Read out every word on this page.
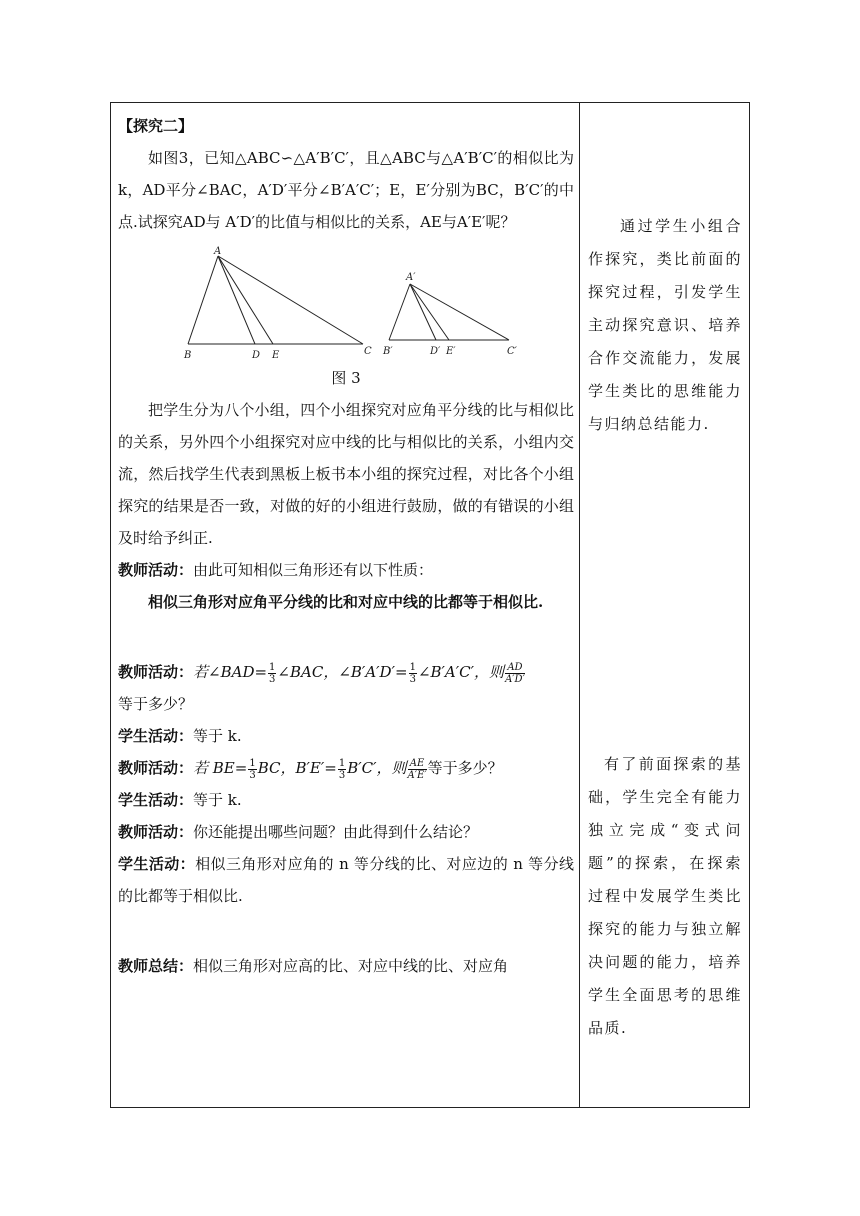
【探究二】

如图3，已知△ABC∽△A′B′C′，且△ABC与△A′B′C′的相似比为k，AD平分∠BAC，A′D′平分∠B′A′C′；E，E′分别为BC，B′C′的中点.试探究AD与 A′D′的比值与相似比的关系，AE与A′E′呢？

A
B	D E	C
A′
B′	D′ E′	C′

图 3

把学生分为八个小组，四个小组探究对应角平分线的比与相似比的关系，另外四个小组探究对应中线的比与相似比的关系，小组内交流，然后找学生代表到黑板上板书本小组的探究过程，对比各个小组探究的结果是否一致，对做的好的小组进行鼓励，做的有错误的小组及时给予纠正.

教师活动：由此可知相似三角形还有以下性质：

相似三角形对应角平分线的比和对应中线的比都等于相似比.

教师活动：若∠BAD= $\frac{1}{3}$ ∠BAC，∠B′A′D′= $\frac{1}{3}$ ∠B′A′C′，则 $\frac{AD}{A'D'}$

等于多少？

学生活动：等于 k.

教师活动：若 $BE= \frac{1}{3}$ BC，$B'E'= \frac{1}{3} B'C'$，则 $\frac{AE}{A'E'}$ 等于多少？

学生活动：等于 k.

教师活动：你还能提出哪些问题？由此得到什么结论？

学生活动：相似三角形对应角的 n 等分线的比、对应边的 n 等分线的比都等于相似比.

教师总结：相似三角形对应高的比、对应中线的比、对应角

通过学生小组合作探究，类比前面的探究过程，引发学生主动探究意识、培养合作交流能力，发展学生类比的思维能力与归纳总结能力.

有了前面探索的基础，学生完全有能力独立完成“变式问题”的探索，在探索过程中发展学生类比探究的能力与独立解决问题的能力，培养学生全面思考的思维品质.
